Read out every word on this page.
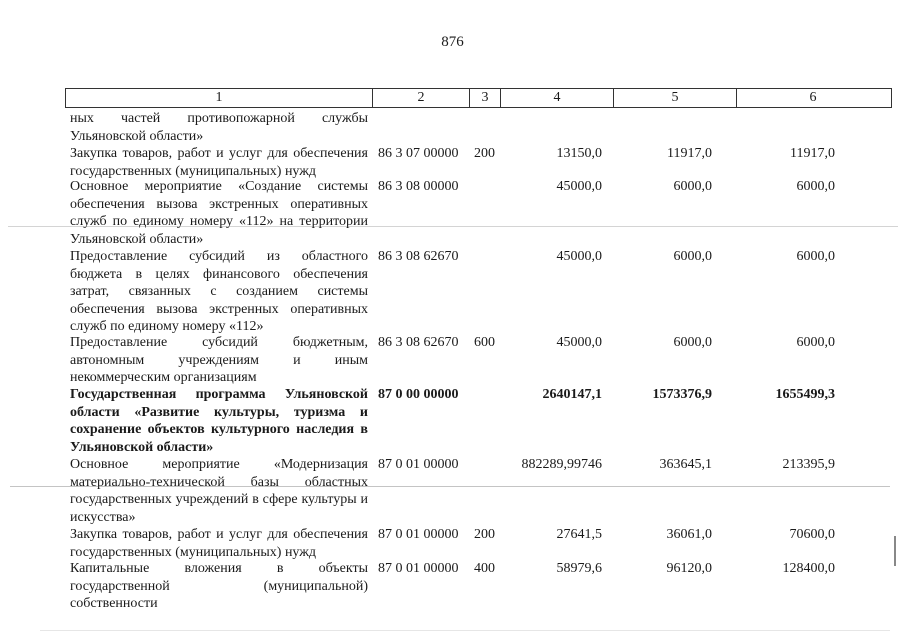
876
1	2	3	4	5	6
ных частей противопожарной службы Ульяновской области»
Закупка товаров, работ и услуг для обеспечения государственных (муниципальных) нужд
86 3 07 00000 200	13150,0	11917,0	11917,0
Основное мероприятие «Создание системы обеспечения вызова экстренных оперативных служб по единому номеру «112» на территории Ульяновской области»
86 3 08 00000	45000,0	6000,0	6000,0
Предоставление субсидий из областного бюджета в целях финансового обеспечения затрат, связанных с созданием системы обеспечения вызова экстренных оперативных служб по единому номеру «112»
86 3 08 62670	45000,0	6000,0	6000,0
Предоставление субсидий бюджетным, автономным учреждениям и иным некоммерческим организациям
86 3 08 62670 600	45000,0	6000,0	6000,0
Государственная программа Ульяновской области «Развитие культуры, туризма и сохранение объектов культурного наследия в Ульяновской области»
87 0 00 00000	2640147,1	1573376,9	1655499,3
Основное мероприятие «Модернизация материально-технической базы областных государственных учреждений в сфере культуры и искусства»
87 0 01 00000	882289,99746	363645,1	213395,9
Закупка товаров, работ и услуг для обеспечения государственных (муниципальных) нужд
87 0 01 00000 200	27641,5	36061,0	70600,0
Капитальные вложения в объекты государственной (муниципальной) собственности
87 0 01 00000 400	58979,6	96120,0	128400,0
